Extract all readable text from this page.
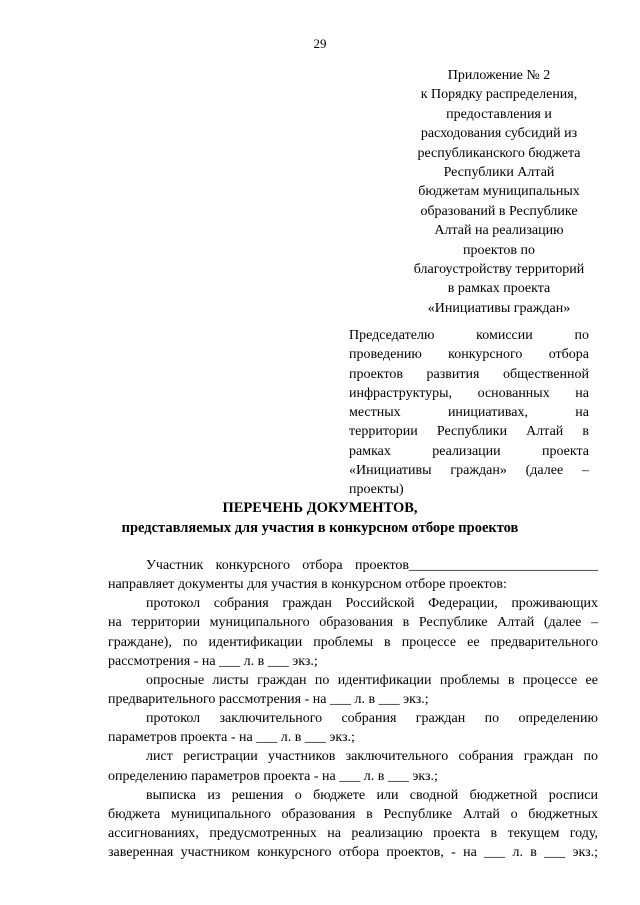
29
Приложение № 2
к Порядку распределения,
предоставления и
расходования субсидий из
республиканского бюджета
Республики Алтай
бюджетам муниципальных
образований в Республике
Алтай на реализацию
проектов по
благоустройству территорий
в рамках проекта
«Инициативы граждан»
Председателю комиссии по
проведению конкурсного отбора
проектов развития общественной
инфраструктуры, основанных на
местных инициативах, на
территории Республики Алтай в
рамках реализации проекта
«Инициативы граждан» (далее –
проекты)
ПЕРЕЧЕНЬ ДОКУМЕНТОВ,
представляемых для участия в конкурсном отборе проектов
Участник конкурсного отбора проектов___________________________
направляет документы для участия в конкурсном отборе проектов:
протокол собрания граждан Российской Федерации, проживающих
на территории муниципального образования в Республике Алтай (далее –
граждане), по идентификации проблемы в процессе ее предварительного
рассмотрения - на ___ л. в ___ экз.;
опросные листы граждан по идентификации проблемы в процессе ее
предварительного рассмотрения - на ___ л. в ___ экз.;
протокол заключительного собрания граждан по определению
параметров проекта - на ___ л. в ___ экз.;
лист регистрации участников заключительного собрания граждан по
определению параметров проекта - на ___ л. в ___ экз.;
выписка из решения о бюджете или сводной бюджетной росписи
бюджета муниципального образования в Республике Алтай о бюджетных
ассигнованиях, предусмотренных на реализацию проекта в текущем году,
заверенная участником конкурсного отбора проектов, - на ___ л. в ___ экз.;
